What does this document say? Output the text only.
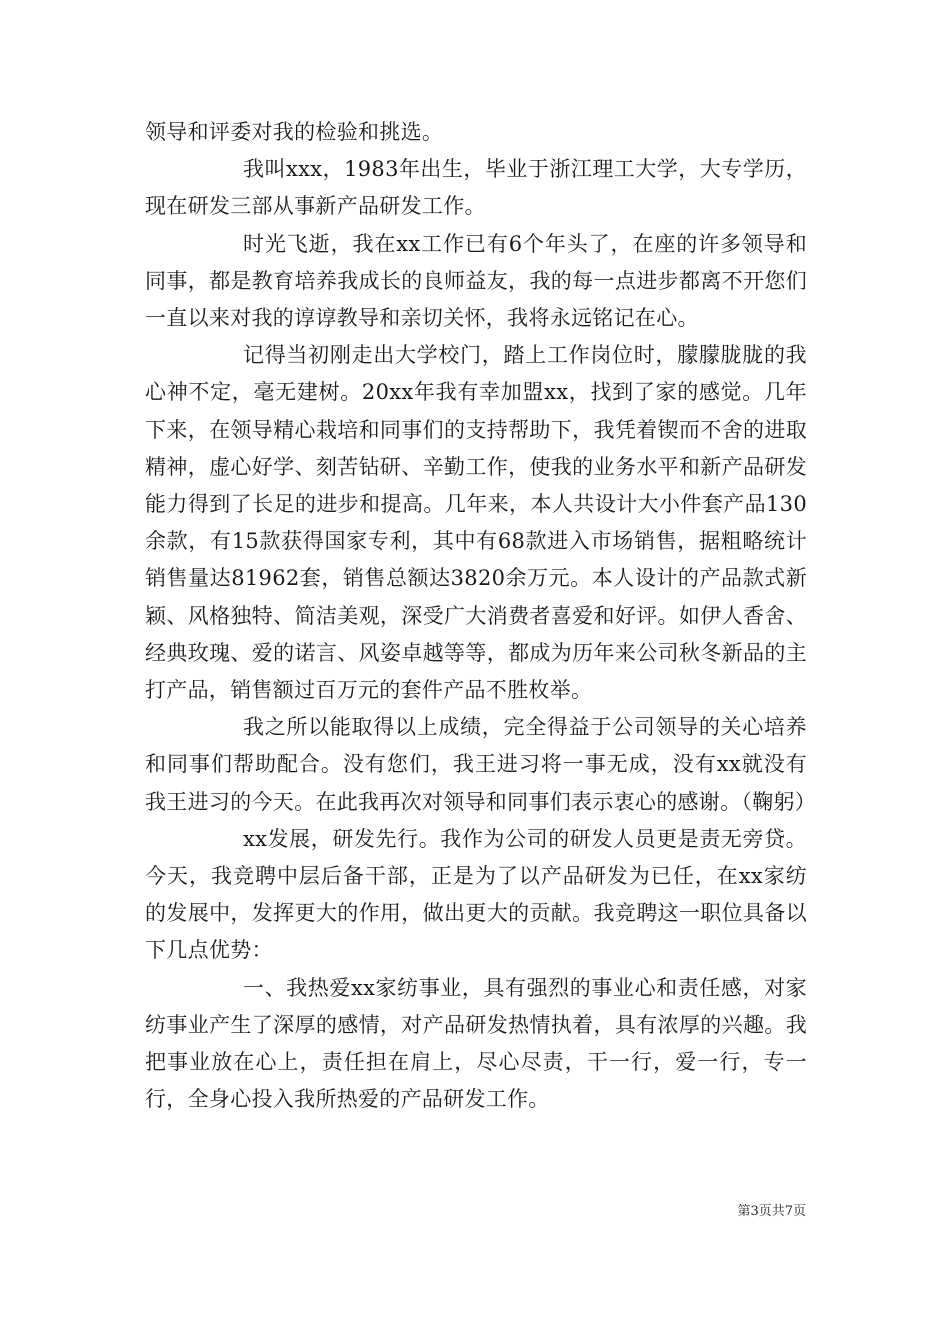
领导和评委对我的检验和挑选。

我叫xxx，1983年出生，毕业于浙江理工大学，大专学历，现在研发三部从事新产品研发工作。

时光飞逝，我在xx工作已有6个年头了，在座的许多领导和同事，都是教育培养我成长的良师益友，我的每一点进步都离不开您们一直以来对我的谆谆教导和亲切关怀，我将永远铭记在心。

记得当初刚走出大学校门，踏上工作岗位时，朦朦胧胧的我心神不定，毫无建树。20xx年我有幸加盟xx，找到了家的感觉。几年下来，在领导精心栽培和同事们的支持帮助下，我凭着锲而不舍的进取精神，虚心好学、刻苦钻研、辛勤工作，使我的业务水平和新产品研发能力得到了长足的进步和提高。几年来，本人共设计大小件套产品130余款，有15款获得国家专利，其中有68款进入市场销售，据粗略统计销售量达81962套，销售总额达3820余万元。本人设计的产品款式新颖、风格独特、简洁美观，深受广大消费者喜爱和好评。如伊人香舍、经典玫瑰、爱的诺言、风姿卓越等等，都成为历年来公司秋冬新品的主打产品，销售额过百万元的套件产品不胜枚举。

我之所以能取得以上成绩，完全得益于公司领导的关心培养和同事们帮助配合。没有您们，我王进习将一事无成，没有xx就没有我王进习的今天。在此我再次对领导和同事们表示衷心的感谢。（鞠躬）

xx发展，研发先行。我作为公司的研发人员更是责无旁贷。今天，我竞聘中层后备干部，正是为了以产品研发为已任，在xx家纺的发展中，发挥更大的作用，做出更大的贡献。我竞聘这一职位具备以下几点优势：

一、我热爱xx家纺事业，具有强烈的事业心和责任感，对家纺事业产生了深厚的感情，对产品研发热情执着，具有浓厚的兴趣。我把事业放在心上，责任担在肩上，尽心尽责，干一行，爱一行，专一行，全身心投入我所热爱的产品研发工作。

第3页共7页
